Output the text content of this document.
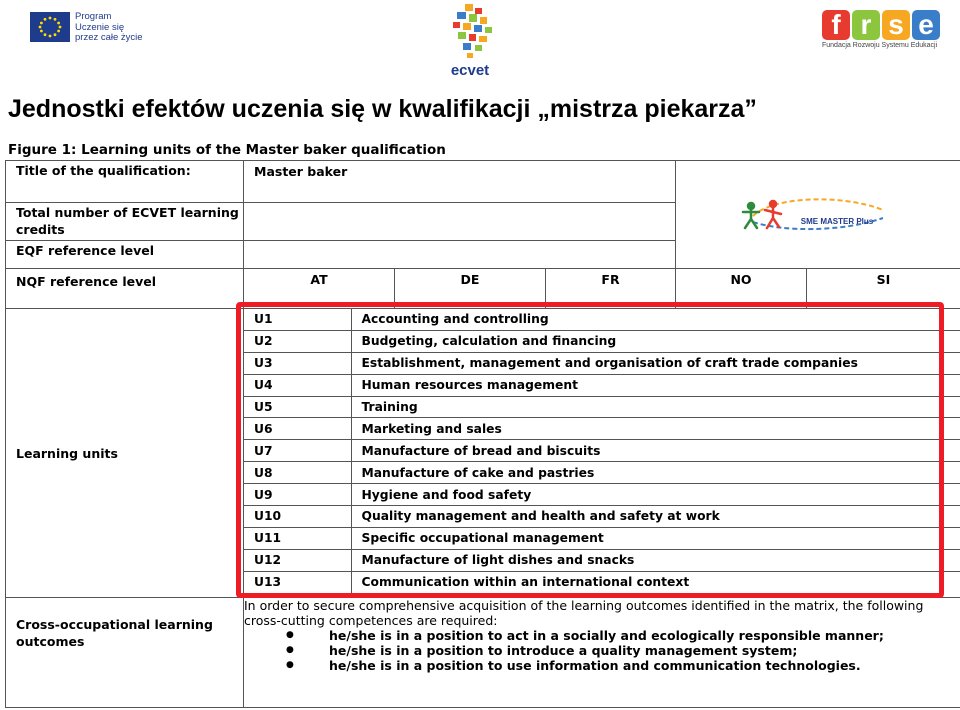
Program
Uczenie się
przez całe życie
ecvet
f r s e
Fundacja Rozwoju Systemu Edukacji
Jednostki efektów uczenia się w kwalifikacji „mistrza piekarza”
Figure 1: Learning units of the Master baker qualification
Title of the qualification:	Master baker	
SME MASTER Plus

Total number of ECVET learning credits	
EQF reference level	
NQF reference level	AT	DE	FR	NO	SI
Learning units	
U1	Accounting and controlling
U2	Budgeting, calculation and financing
U3	Establishment, management and organisation of craft trade companies
U4	Human resources management
U5	Training
U6	Marketing and sales
U7	Manufacture of bread and biscuits
U8	Manufacture of cake and pastries
U9	Hygiene and food safety
U10	Quality management and health and safety at work
U11	Specific occupational management
U12	Manufacture of light dishes and snacks
U13	Communication within an international context

Cross-occupational learning outcomes	
In order to secure comprehensive acquisition of the learning outcomes identified in the matrix, the following cross-cutting competences are required:
● he/she is in a position to act in a socially and ecologically responsible manner;
● he/she is in a position to introduce a quality management system;
● he/she is in a position to use information and communication technologies.
